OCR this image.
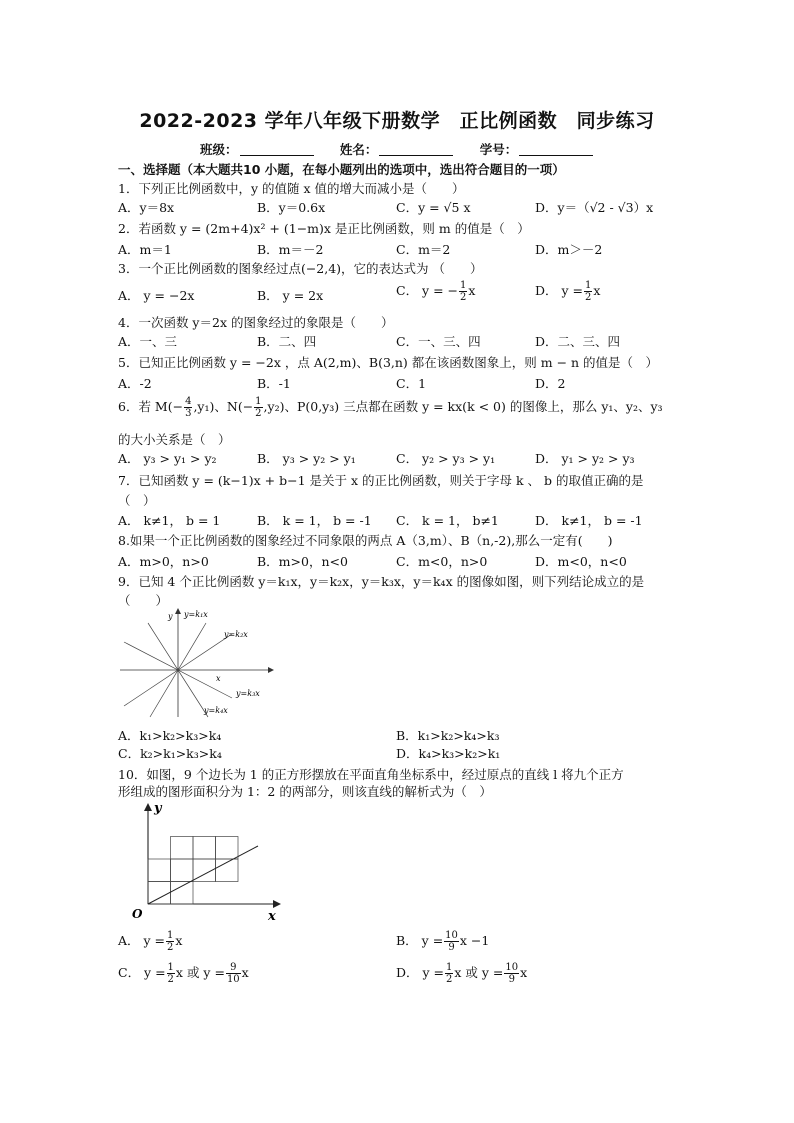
2022-2023 学年八年级下册数学　正比例函数　同步练习
班级：	姓名：	学号：
一、选择题（本大题共10 小题，在每小题列出的选项中，选出符合题目的一项）
1．下列正比例函数中，y 的值随 x 值的增大而减小是（　　）
A．y＝8x	B．y＝0.6x	C．y = √5 x	D．y＝（√2 - √3）x
2．若函数 y = (2m+4)x² + (1−m)x 是正比例函数，则 m 的值是（　）
A．m＝1	B．m＝－2	C．m＝2	D．m＞－2
3．一个正比例函数的图象经过点(−2,4)，它的表达式为 （　　）
A． y = −2x	B． y = 2x	C． y = − $\frac{1}{2}$ x	D． $y = \frac{1}{2}$ x
4．一次函数 y＝2x 的图象经过的象限是（　　）
A．一、三	B．二、四	C．一、三、四	D．二、三、四
5．已知正比例函数 y = −2x ，点 A(2,m)、B(3,n) 都在该函数图象上，则 m − n 的值是（　）
A．-2	B．-1	C．1	D．2
6．若 $M(- \frac{4}{3} ,y_1)$、$N(- \frac{1}{2} ,y_2)$、P(0,y₃) 三点都在函数 y = kx(k < 0) 的图像上，那么 y₁、y₂、y₃
的大小关系是（　）
A． y₃ > y₁ > y₂	B． y₃ > y₂ > y₁	C． y₂ > y₃ > y₁	D． y₁ > y₂ > y₃
7．已知函数 y = (k−1)x + b−1 是关于 x 的正比例函数，则关于字母 k 、 b 的取值正确的是
（　）
A． k≠1， b = 1	B． k = 1， b = -1 C． k = 1， b≠1	D． k≠1， b = -1
8.如果一个正比例函数的图象经过不同象限的两点 A（3,m）、B（n,-2),那么一定有(　　)
A．m>0，n>0	B．m>0，n<0	C．m<0，n>0	D．m<0，n<0
9．已知 4 个正比例函数 y＝k₁x，y＝k₂x，y＝k₃x，y＝k₄x 的图像如图，则下列结论成立的是
（　　）
y=k₁x
y=k₂x
y=k₃x
y=k₄x
y
x
A．k₁>k₂>k₃>k₄	B．k₁>k₂>k₄>k₃
C．k₂>k₁>k₃>k₄	D．k₄>k₃>k₂>k₁
10．如图，9 个边长为 1 的正方形摆放在平面直角坐标系中，经过原点的直线 l 将九个正方
形组成的图形面积分为 1：2 的两部分，则该直线的解析式为（　）
y
x
O
A． $y = \frac{1}{2}$ x	B． $y = \frac{10}{9}$ x −1
C． $y = \frac{1}{2}$ x 或 $y = \frac{9}{10}$ x	D． $y = \frac{1}{2}$ x 或 $y = \frac{10}{9}$ x
